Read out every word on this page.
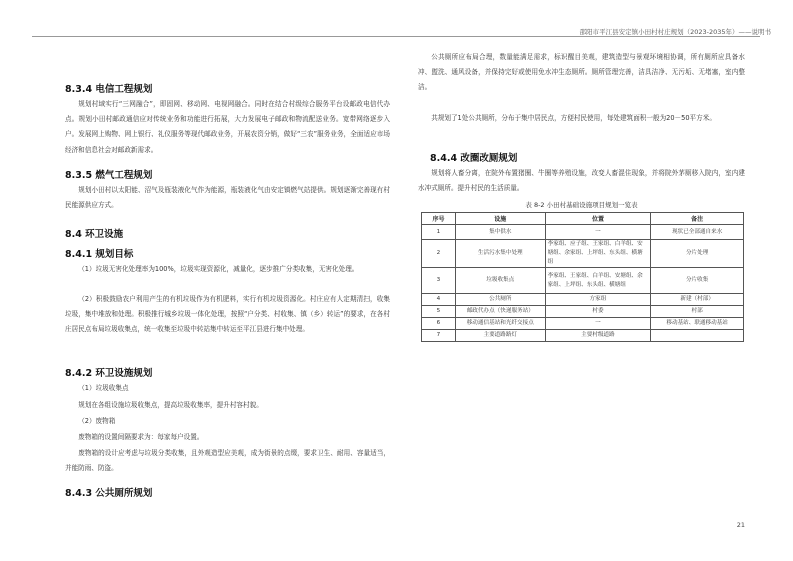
邵阳市平江县安定镇小田村村庄规划（2023-2035年）——说明书
8.3.4 电信工程规划

规划村域实行“三网融合”，即固网、移动网、电视网融合。同时在结合村级综合服务平台设邮政电信代办点。规划小田村邮政通信应对传统业务和功能进行拓展，大力发展电子邮政和物流配送业务。宽带网络逐步入户。发展网上购物、网上银行、礼仪服务等现代邮政业务，开展农资分销，做好“三农”服务业务，全面适应市场经济和信息社会对邮政新需求。

8.3.5 燃气工程规划

规划小田村以太阳能、沼气及瓶装液化气作为能源，瓶装液化气由安定镇燃气站提供。规划逐渐完善现有村民能源供应方式。

8.4 环卫设施
8.4.1 规划目标

（1）垃圾无害化处理率为100%，垃圾实现资源化，减量化，逐步推广分类收集，无害化处理。

（2）积极鼓励农户利用产生的有机垃圾作为有机肥料，实行有机垃圾资源化。村庄应有人定期清扫，收集垃圾，集中堆放和处理。积极推行城乡垃圾一体化处理，按照“户分类、村收集、镇（乡）转运”的要求，在各村庄居民点布局垃圾收集点，统一收集至垃圾中转站集中转运至平江县进行集中处理。

8.4.2 环卫设施规划

（1）垃圾收集点

规划在各组设施垃圾收集点，提高垃圾收集率，提升村容村貌。

（2）废物箱

废物箱的设置间隔要求为：每家每户设置。

废物箱的设计应考虑与垃圾分类收集，且外观造型应美观，成为街景的点缀，要求卫生、耐用、容量适当，并能防雨、防盗。

8.4.3 公共厕所规划

公共厕所应布局合理，数量能满足需求，标识醒目美观，建筑造型与景观环境相协调，所有厕所应具备水冲、盥洗、通风设备，并保持完好或使用免水冲生态厕所。厕所管理完善，洁具洁净、无污垢、无堵塞，室内整洁。

共规划了1处公共厕所，分布于集中居民点，方便村民使用，每处建筑面积一般为20－50平方米。

8.4.4 改圈改厕规划

规划将人畜分离，在院外布置猪圈、牛圈等养殖设施，改变人畜混住现象，并将院外茅厕移入院内，室内建水冲式厕所。提升村民的生活质量。

表 8-2 小田村基础设施项目规划一览表
序号	设施	位置	备注
1	集中供水	一	现状已全部通自来水
2	生活污水集中处理	李家组、应子组、王家组、白羊组、安塘组、余家组、上坪组、东头组、横塘组	分片处理
3	垃圾收集点	李家组、王家组、白羊组、安塘组、余家组、上坪组、东头组、横塘组	分片收集
4	公共厕所	方家组	新建（村部）
5	邮政代办点（快递服务站）	村委	村部
6	移动通信基站和光纤交接点	一	移动基站、联通移动基站
7	主要道路路灯	主要村级道路	
21
